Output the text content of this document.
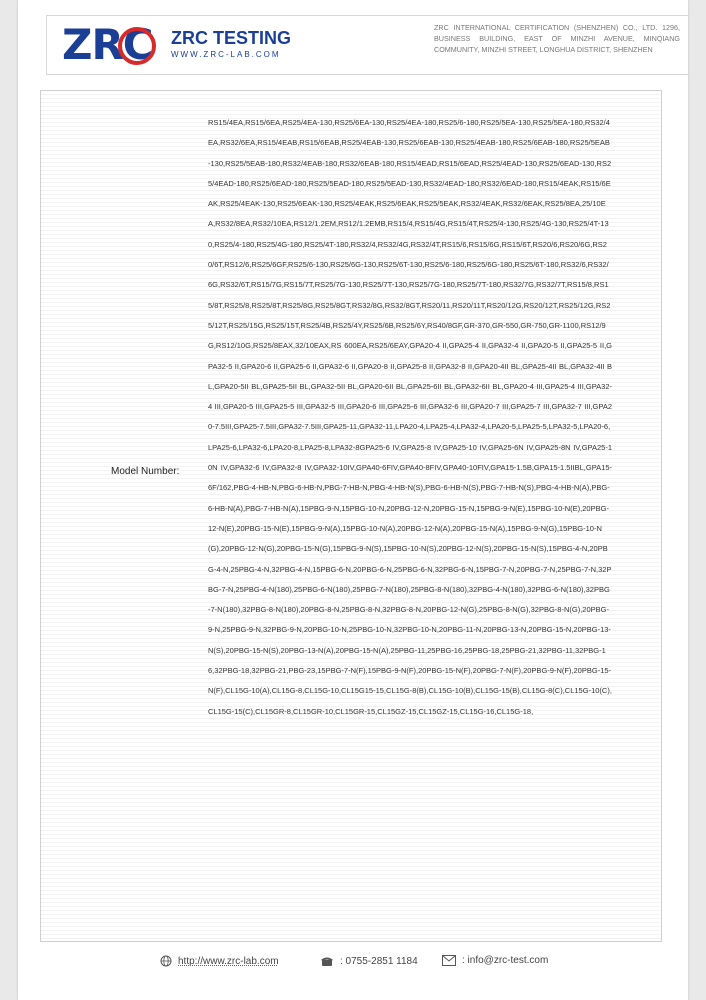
ZRC ZRC TESTING
WWW.ZRC-LAB.COM
ZRC INTERNATIONAL CERTIFICATION (SHENZHEN) CO., LTD. 1296, BUSINESS BUILDING, EAST OF MINZHI AVENUE, MINQIANG COMMUNITY, MINZHI STREET, LONGHUA DISTRICT, SHENZHEN
Model Number:
RS15/4EA,RS15/6EA,RS25/4EA-130,RS25/6EA-130,RS25/4EA-180,RS25/6-180,RS25/5EA-130,RS25/5EA-180,RS32/4EA,RS32/6EA,RS15/4EAB,RS15/6EAB,RS25/4EAB-130,RS25/6EAB-130,RS25/4EAB-180,RS25/6EAB-180,RS25/5EAB-130,RS25/5EAB-180,RS32/4EAB-180,RS32/6EAB-180,RS15/4EAD,RS15/6EAD,RS25/4EAD-130,RS25/6EAD-130,RS25/4EAD-180,RS25/6EAD-180,RS25/5EAD-180,RS25/5EAD-130,RS32/4EAD-180,RS32/6EAD-180,RS15/4EAK,RS15/6EAK,RS25/4EAK-130,RS25/6EAK-130,RS25/4EAK,RS25/6EAK,RS25/5EAK,RS32/4EAK,RS32/6EAK,RS25/8EA,25/10EA,RS32/8EA,RS32/10EA,RS12/1.2EM,RS12/1.2EMB,RS15/4,RS15/4G,RS15/4T,RS25/4-130,RS25/4G-130,RS25/4T-130,RS25/4-180,RS25/4G-180,RS25/4T-180,RS32/4,RS32/4G,RS32/4T,RS15/6,RS15/6G,RS15/6T,RS20/6,RS20/6G,RS20/6T,RS12/6,RS25/6GF,RS25/6-130,RS25/6G-130,RS25/6T-130,RS25/6-180,RS25/6G-180,RS25/6T-180,RS32/6,RS32/6G,RS32/6T,RS15/7G,RS15/7T,RS25/7G-130,RS25/7T-130,RS25/7G-180,RS25/7T-180,RS32/7G,RS32/7T,RS15/8,RS15/8T,RS25/8,RS25/8T,RS25/8G,RS25/8GT,RS32/8G,RS32/8GT,RS20/11,RS20/11T,RS20/12G,RS20/12T,RS25/12G,RS25/12T,RS25/15G,RS25/15T,RS25/4B,RS25/4Y,RS25/6B,RS25/6Y,RS40/8GF,GR-370,GR-550,GR-750,GR-1100,RS12/9G,RS12/10G,RS25/8EAX,32/10EAX,RS 600EA,RS25/6EAY,GPA20-4 II,GPA25-4 II,GPA32-4 II,GPA20-5 II,GPA25-5 II,GPA32-5 II,GPA20-6 II,GPA25-6 II,GPA32-6 II,GPA20-8 II,GPA25-8 II,GPA32-8 II,GPA20-4II BL,GPA25-4II BL,GPA32-4II BL,GPA20-5II BL,GPA25-5II BL,GPA32-5II BL,GPA20-6II BL,GPA25-6II BL,GPA32-6II BL,GPA20-4 III,GPA25-4 III,GPA32-4 III,GPA20-5 III,GPA25-5 III,GPA32-5 III,GPA20-6 III,GPA25-6 III,GPA32-6 III,GPA20-7 III,GPA25-7 III,GPA32-7 III,GPA20-7.5III,GPA25-7.5III,GPA32-7.5III,GPA25-11,GPA32-11,LPA20-4,LPA25-4,LPA32-4,LPA20-5,LPA25-5,LPA32-5,LPA20-6,LPA25-6,LPA32-6,LPA20-8,LPA25-8,LPA32-8GPA25-6 IV,GPA25-8 IV,GPA25-10 IV,GPA25-6N IV,GPA25-8N IV,GPA25-10N IV,GPA32-6 IV,GPA32-8 IV,GPA32-10IV,GPA40-6FIV,GPA40-8FIV,GPA40-10FIV,GPA15-1.5B,GPA15-1.5IIBL,GPA15-6F/162,PBG-4-HB-N,PBG-6-HB-N,PBG-7-HB-N,PBG-4-HB-N(S),PBG-6-HB-N(S),PBG-7-HB-N(S),PBG-4-HB-N(A),PBG-6-HB-N(A),PBG-7-HB-N(A),15PBG-9-N,15PBG-10-N,20PBG-12-N,20PBG-15-N,15PBG-9-N(E),15PBG-10-N(E),20PBG-12-N(E),20PBG-15-N(E),15PBG-9-N(A),15PBG-10-N(A),20PBG-12-N(A),20PBG-15-N(A),15PBG-9-N(G),15PBG-10-N(G),20PBG-12-N(G),20PBG-15-N(G),15PBG-9-N(S),15PBG-10-N(S),20PBG-12-N(S),20PBG-15-N(S),15PBG-4-N,20PBG-4-N,25PBG-4-N,32PBG-4-N,15PBG-6-N,20PBG-6-N,25PBG-6-N,32PBG-6-N,15PBG-7-N,20PBG-7-N,25PBG-7-N,32PBG-7-N,25PBG-4-N(180),25PBG-6-N(180),25PBG-7-N(180),25PBG-8-N(180),32PBG-4-N(180),32PBG-6-N(180),32PBG-7-N(180),32PBG-8-N(180),20PBG-8-N,25PBG-8-N,32PBG-8-N,20PBG-12-N(G),25PBG-8-N(G),32PBG-8-N(G),20PBG-9-N,25PBG-9-N,32PBG-9-N,20PBG-10-N,25PBG-10-N,32PBG-10-N,20PBG-11-N,20PBG-13-N,20PBG-15-N,20PBG-13-N(S),20PBG-15-N(S),20PBG-13-N(A),20PBG-15-N(A),25PBG-11,25PBG-16,25PBG-18,25PBG-21,32PBG-11,32PBG-16,32PBG-18,32PBG-21,PBG-23,15PBG-7-N(F),15PBG-9-N(F),20PBG-15-N(F),20PBG-7-N(F),20PBG-9-N(F),20PBG-15-N(F),CL15G-10(A),CL15G-8,CL15G-10,CL15G15-15,CL15G-8(B),CL15G-10(B),CL15G-15(B),CL15G-8(C),CL15G-10(C),CL15G-15(C),CL15GR-8,CL15GR-10,CL15GR-15,CL15GZ-15,CL15GZ-15,CL15G-16,CL15G-18,
http://www.zrc-lab.com	: 0755-2851 1184	: info@zrc-test.com
